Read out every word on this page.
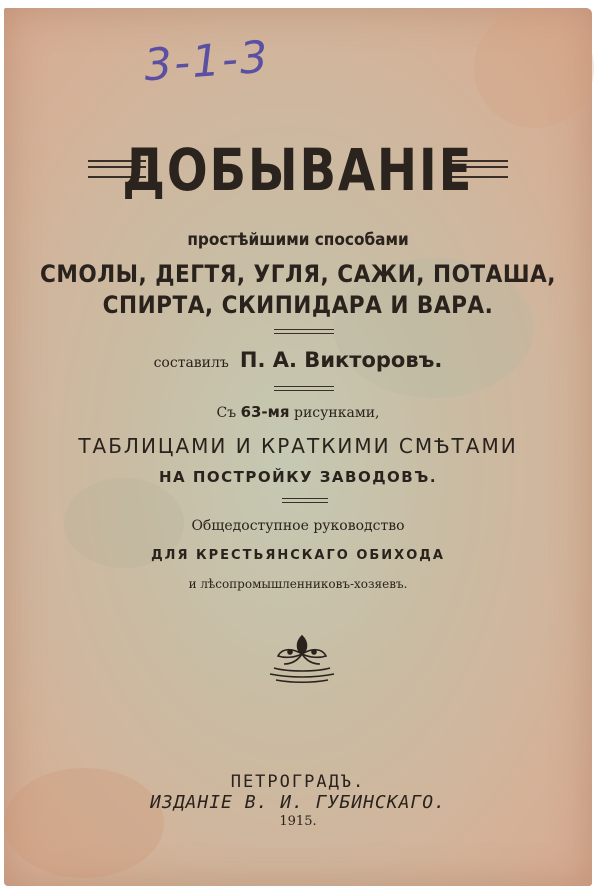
3-1-3
ДОБЫВАНІЕ
простѣйшими способами
СМОЛЫ, ДЕГТЯ, УГЛЯ, САЖИ, ПОТАША,
СПИРТА, СКИПИДАРА И ВАРА.
составилъ П. А. Викторовъ.
Съ 63-мя рисунками,
ТАБЛИЦАМИ И КРАТКИМИ СМѢТАМИ
НА ПОСТРОЙКУ ЗАВОДОВЪ.
Общедоступное руководство
ДЛЯ КРЕСТЬЯНСКАГО ОБИХОДА
и лѣсопромышленниковъ-хозяевъ.
ПЕТРОГРАДЪ.
ИЗДАНІЕ В. И. ГУБИНСКАГО.
1915.
